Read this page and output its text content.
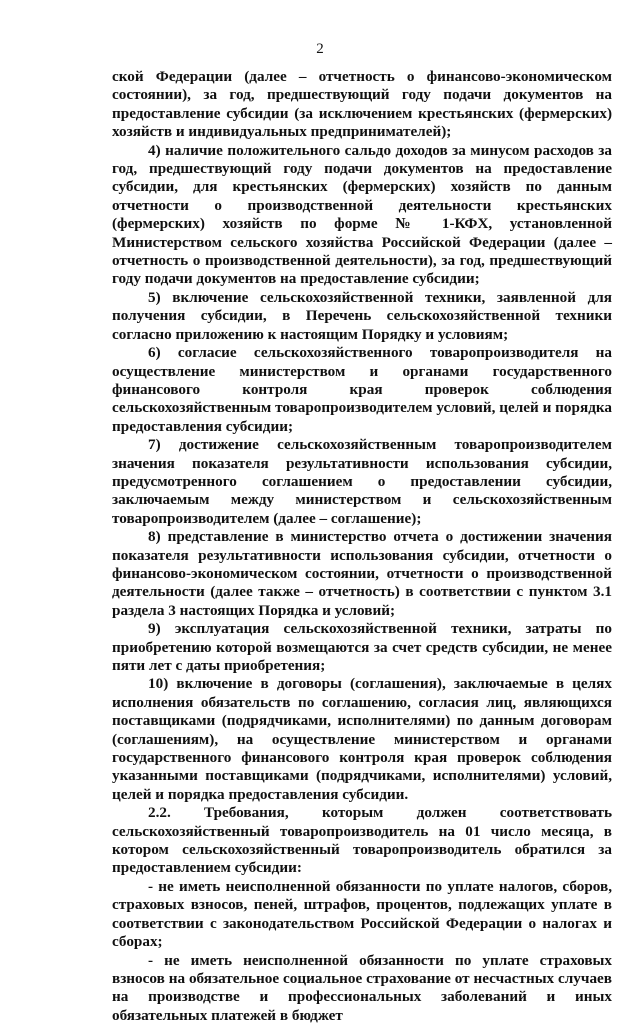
2

ской Федерации (далее – отчетность о финансово-экономическом состоянии), за год, предшествующий году подачи документов на предоставление субсидии (за исключением крестьянских (фермерских) хозяйств и индивидуальных предпринимателей);

4) наличие положительного сальдо доходов за минусом расходов за год, предшествующий году подачи документов на предоставление субсидии, для крестьянских (фермерских) хозяйств по данным отчетности о производственной деятельности крестьянских (фермерских) хозяйств по форме № 1-КФХ, установленной Министерством сельского хозяйства Российской Федерации (далее – отчетность о производственной деятельности), за год, предшествующий году подачи документов на предоставление субсидии;

5) включение сельскохозяйственной техники, заявленной для получения субсидии, в Перечень сельскохозяйственной техники согласно приложению к настоящим Порядку и условиям;

6) согласие сельскохозяйственного товаропроизводителя на осуществление министерством и органами государственного финансового контроля края проверок соблюдения сельскохозяйственным товаропроизводителем условий, целей и порядка предоставления субсидии;

7) достижение сельскохозяйственным товаропроизводителем значения показателя результативности использования субсидии, предусмотренного соглашением о предоставлении субсидии, заключаемым между министерством и сельскохозяйственным товаропроизводителем (далее – соглашение);

8) представление в министерство отчета о достижении значения показателя результативности использования субсидии, отчетности о финансово-экономическом состоянии, отчетности о производственной деятельности (далее также – отчетность) в соответствии с пунктом 3.1 раздела 3 настоящих Порядка и условий;

9) эксплуатация сельскохозяйственной техники, затраты по приобретению которой возмещаются за счет средств субсидии, не менее пяти лет с даты приобретения;

10) включение в договоры (соглашения), заключаемые в целях исполнения обязательств по соглашению, согласия лиц, являющихся поставщиками (подрядчиками, исполнителями) по данным договорам (соглашениям), на осуществление министерством и органами государственного финансового контроля края проверок соблюдения указанными поставщиками (подрядчиками, исполнителями) условий, целей и порядка предоставления субсидии.

2.2. Требования, которым должен соответствовать сельскохозяйственный товаропроизводитель на 01 число месяца, в котором сельскохозяйственный товаропроизводитель обратился за предоставлением субсидии:

- не иметь неисполненной обязанности по уплате налогов, сборов, страховых взносов, пеней, штрафов, процентов, подлежащих уплате в соответствии с законодательством Российской Федерации о налогах и сборах;

- не иметь неисполненной обязанности по уплате страховых взносов на обязательное социальное страхование от несчастных случаев на производстве и профессиональных заболеваний и иных обязательных платежей в бюджет
